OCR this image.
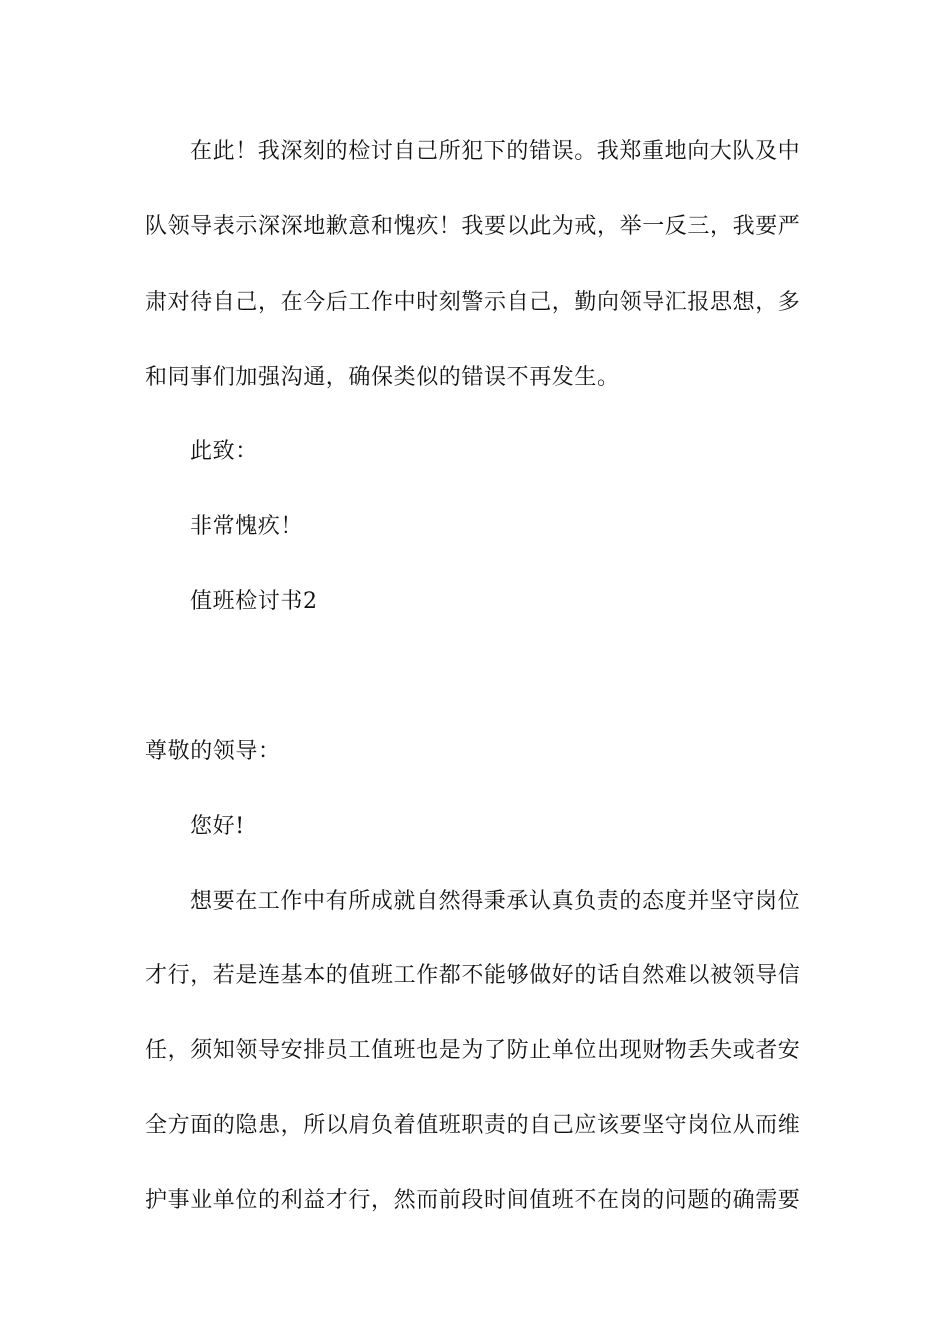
在此！我深刻的检讨自己所犯下的错误。我郑重地向大队及中
队领导表示深深地歉意和愧疚！我要以此为戒，举一反三，我要严
肃对待自己，在今后工作中时刻警示自己，勤向领导汇报思想，多
和同事们加强沟通，确保类似的错误不再发生。
此致：
非常愧疚！
值班检讨书2
尊敬的领导：
您好!
想要在工作中有所成就自然得秉承认真负责的态度并坚守岗位
才行，若是连基本的值班工作都不能够做好的话自然难以被领导信
任，须知领导安排员工值班也是为了防止单位出现财物丢失或者安
全方面的隐患，所以肩负着值班职责的自己应该要坚守岗位从而维
护事业单位的利益才行，然而前段时间值班不在岗的问题的确需要
